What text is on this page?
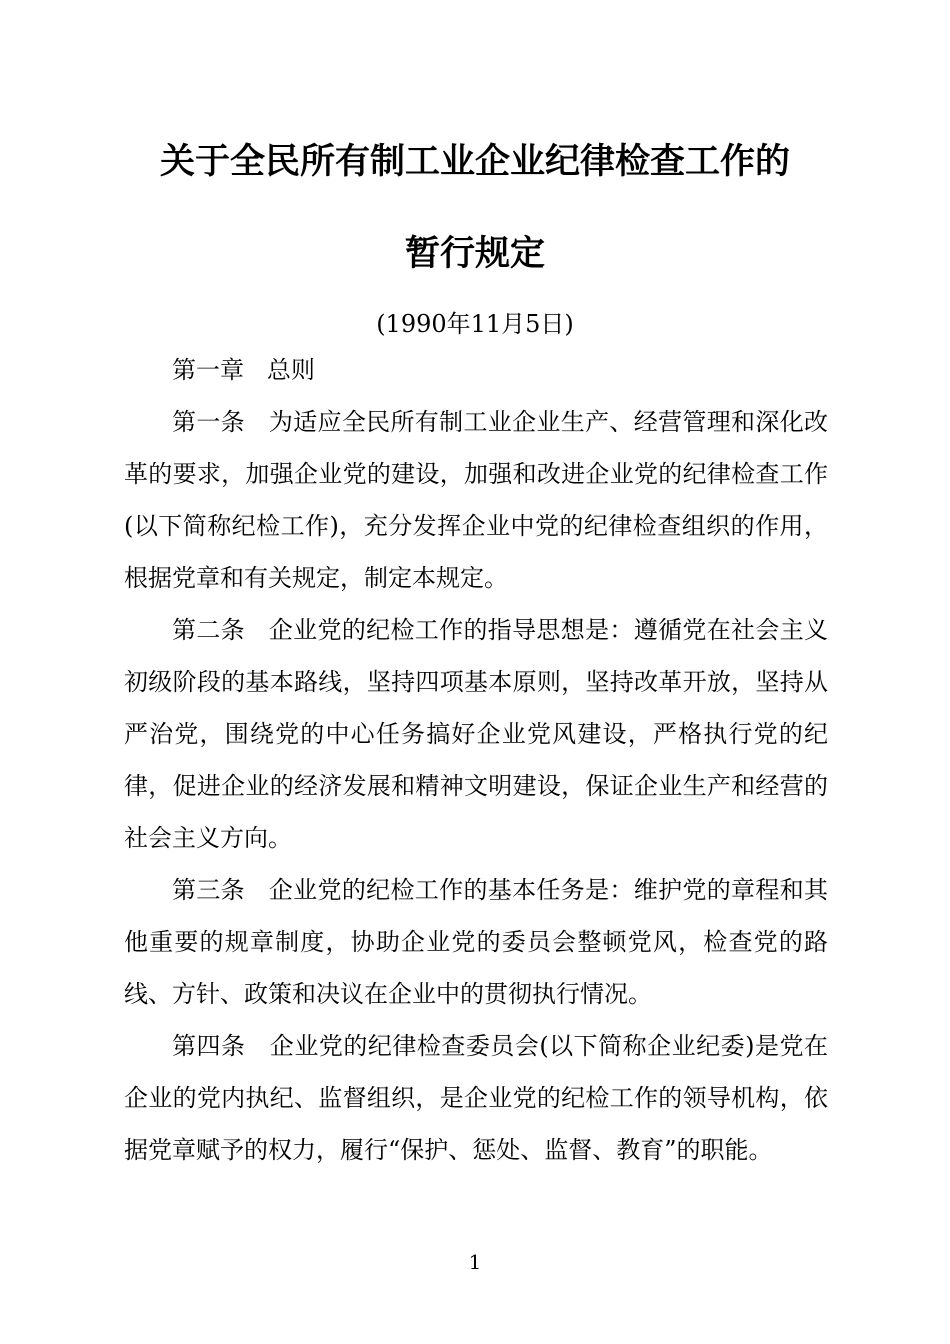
关于全民所有制工业企业纪律检查工作的
暂行规定
(1990年11月5日)

第一章 总则

第一条 为适应全民所有制工业企业生产、经营管理和深化改革的要求，加强企业党的建设，加强和改进企业党的纪律检查工作(以下简称纪检工作)，充分发挥企业中党的纪律检查组织的作用，根据党章和有关规定，制定本规定。

第二条 企业党的纪检工作的指导思想是：遵循党在社会主义初级阶段的基本路线，坚持四项基本原则，坚持改革开放，坚持从严治党，围绕党的中心任务搞好企业党风建设，严格执行党的纪律，促进企业的经济发展和精神文明建设，保证企业生产和经营的社会主义方向。

第三条 企业党的纪检工作的基本任务是：维护党的章程和其他重要的规章制度，协助企业党的委员会整顿党风，检查党的路线、方针、政策和决议在企业中的贯彻执行情况。

第四条 企业党的纪律检查委员会(以下简称企业纪委)是党在企业的党内执纪、监督组织，是企业党的纪检工作的领导机构，依据党章赋予的权力，履行“保护、惩处、监督、教育”的职能。

1
